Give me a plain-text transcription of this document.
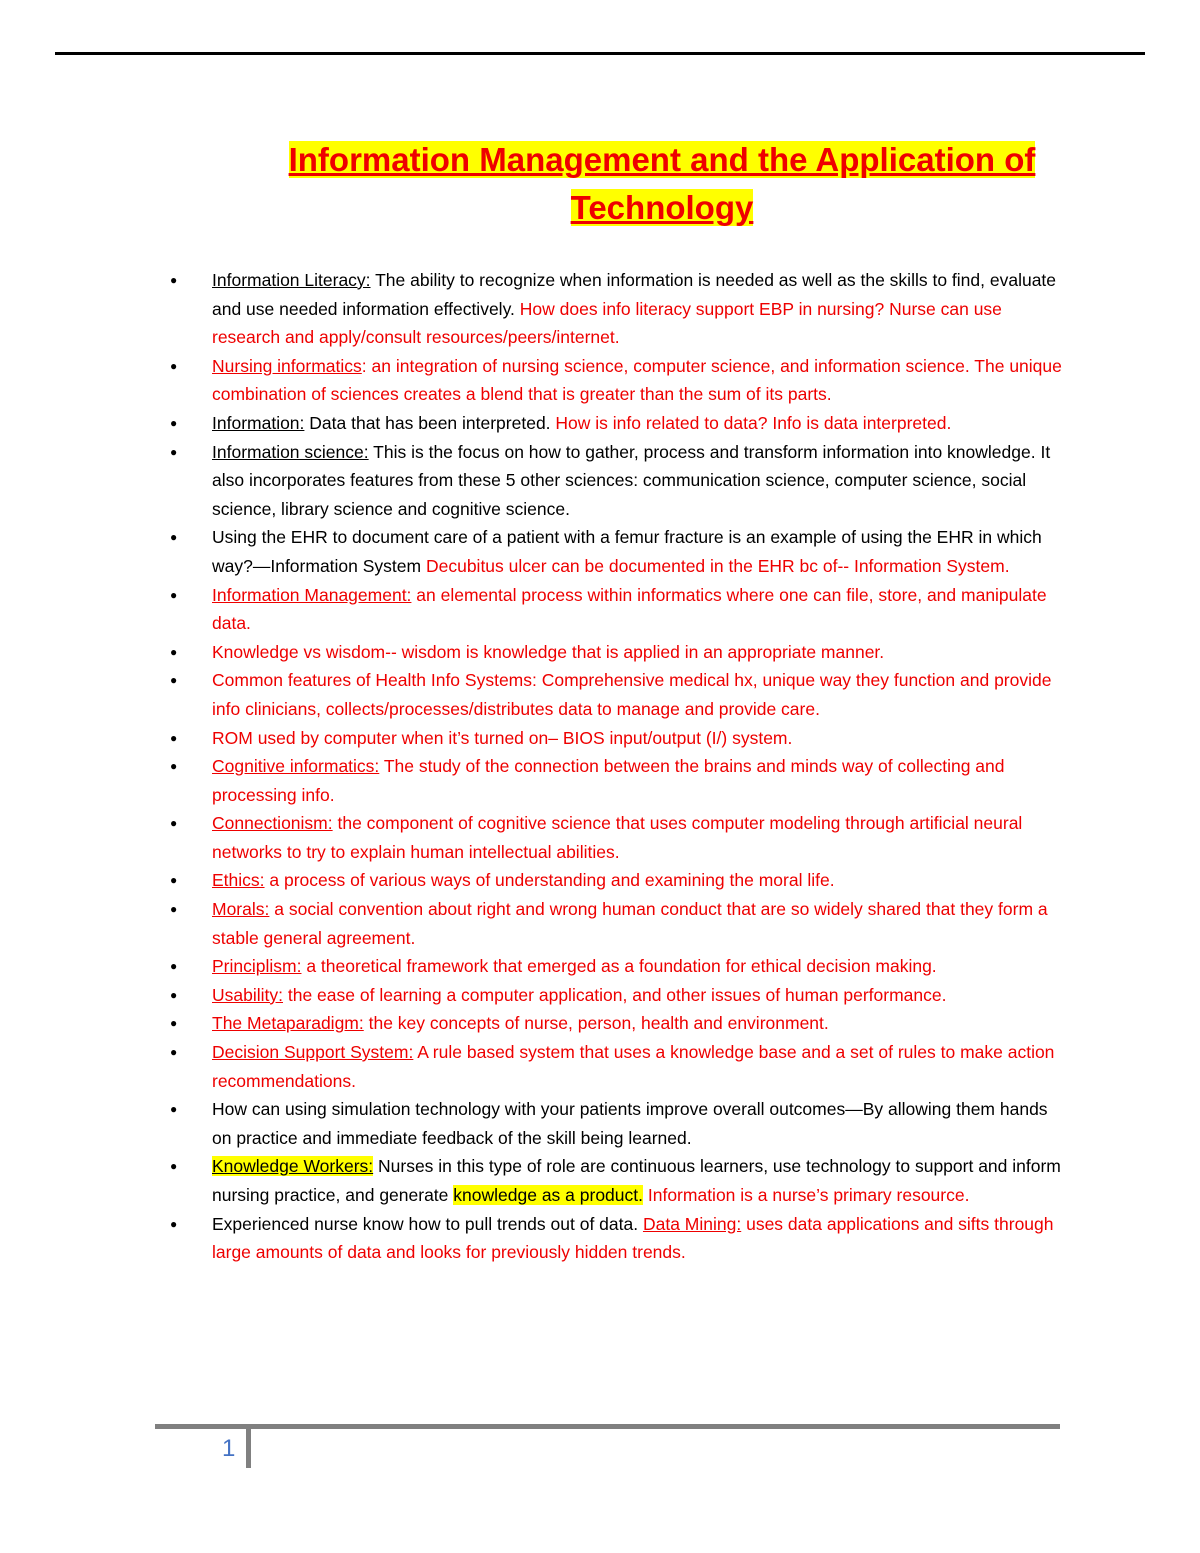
Information Management and the Application of
Technology
● Information Literacy: The ability to recognize when information is needed as well as the skills to find, evaluate and use needed information effectively. How does info literacy support EBP in nursing? Nurse can use research and apply/consult resources/peers/internet.
● Nursing informatics: an integration of nursing science, computer science, and information science. The unique combination of sciences creates a blend that is greater than the sum of its parts.
● Information: Data that has been interpreted. How is info related to data? Info is data interpreted.
● Information science: This is the focus on how to gather, process and transform information into knowledge. It also incorporates features from these 5 other sciences: communication science, computer science, social science, library science and cognitive science.
● Using the EHR to document care of a patient with a femur fracture is an example of using the EHR in which way?—Information System Decubitus ulcer can be documented in the EHR bc of-- Information System.
● Information Management: an elemental process within informatics where one can file, store, and manipulate data.
● Knowledge vs wisdom-- wisdom is knowledge that is applied in an appropriate manner.
● Common features of Health Info Systems: Comprehensive medical hx, unique way they function and provide info clinicians, collects/processes/distributes data to manage and provide care.
● ROM used by computer when it’s turned on– BIOS input/output (I/) system.
● Cognitive informatics: The study of the connection between the brains and minds way of collecting and processing info.
● Connectionism: the component of cognitive science that uses computer modeling through artificial neural networks to try to explain human intellectual abilities.
● Ethics: a process of various ways of understanding and examining the moral life.
● Morals: a social convention about right and wrong human conduct that are so widely shared that they form a stable general agreement.
● Principlism: a theoretical framework that emerged as a foundation for ethical decision making.
● Usability: the ease of learning a computer application, and other issues of human performance.
● The Metaparadigm: the key concepts of nurse, person, health and environment.
● Decision Support System: A rule based system that uses a knowledge base and a set of rules to make action recommendations.
● How can using simulation technology with your patients improve overall outcomes—By allowing them hands on practice and immediate feedback of the skill being learned.
● Knowledge Workers: Nurses in this type of role are continuous learners, use technology to support and inform nursing practice, and generate knowledge as a product. Information is a nurse’s primary resource.
● Experienced nurse know how to pull trends out of data. Data Mining: uses data applications and sifts through large amounts of data and looks for previously hidden trends.
1
